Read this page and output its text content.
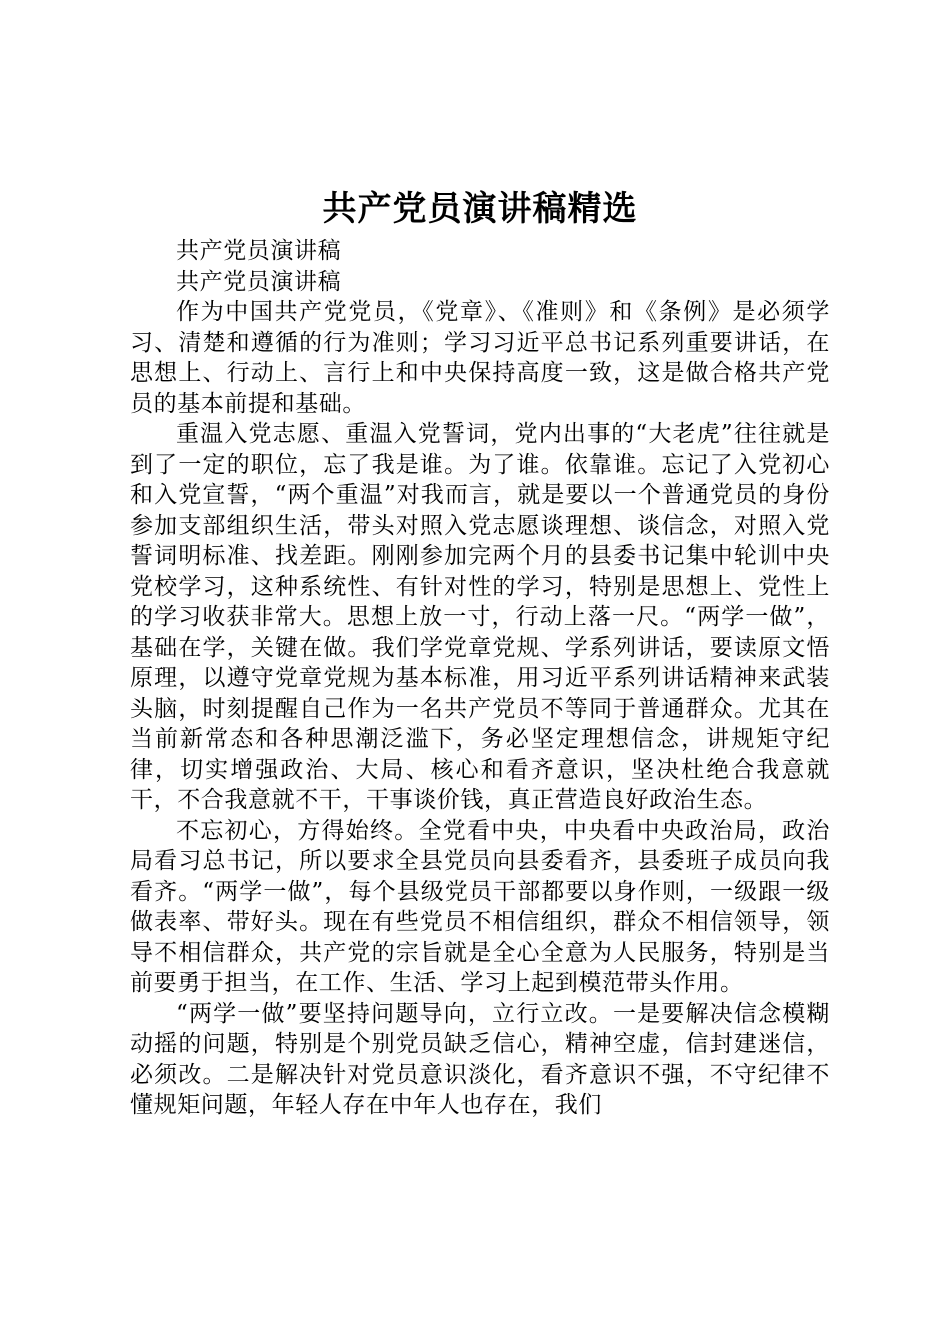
共产党员演讲稿精选

共产党员演讲稿

共产党员演讲稿

作为中国共产党党员，《党章》、《准则》和《条例》是必须学习、清楚和遵循的行为准则；学习习近平总书记系列重要讲话，在思想上、行动上、言行上和中央保持高度一致，这是做合格共产党员的基本前提和基础。

重温入党志愿、重温入党誓词，党内出事的“大老虎”往往就是到了一定的职位，忘了我是谁。为了谁。依靠谁。忘记了入党初心和入党宣誓，“两个重温”对我而言，就是要以一个普通党员的身份参加支部组织生活，带头对照入党志愿谈理想、谈信念，对照入党誓词明标准、找差距。刚刚参加完两个月的县委书记集中轮训中央党校学习，这种系统性、有针对性的学习，特别是思想上、党性上的学习收获非常大。思想上放一寸，行动上落一尺。“两学一做”，基础在学，关键在做。我们学党章党规、学系列讲话，要读原文悟原理，以遵守党章党规为基本标准，用习近平系列讲话精神来武装头脑，时刻提醒自己作为一名共产党员不等同于普通群众。尤其在当前新常态和各种思潮泛滥下，务必坚定理想信念，讲规矩守纪律，切实增强政治、大局、核心和看齐意识，坚决杜绝合我意就干，不合我意就不干，干事谈价钱，真正营造良好政治生态。

不忘初心，方得始终。全党看中央，中央看中央政治局，政治局看习总书记，所以要求全县党员向县委看齐，县委班子成员向我看齐。“两学一做”，每个县级党员干部都要以身作则，一级跟一级做表率、带好头。现在有些党员不相信组织，群众不相信领导，领导不相信群众，共产党的宗旨就是全心全意为人民服务，特别是当前要勇于担当，在工作、生活、学习上起到模范带头作用。

“两学一做”要坚持问题导向，立行立改。一是要解决信念模糊动摇的问题，特别是个别党员缺乏信心，精神空虚，信封建迷信，必须改。二是解决针对党员意识淡化，看齐意识不强，不守纪律不懂规矩问题，年轻人存在中年人也存在，我们
